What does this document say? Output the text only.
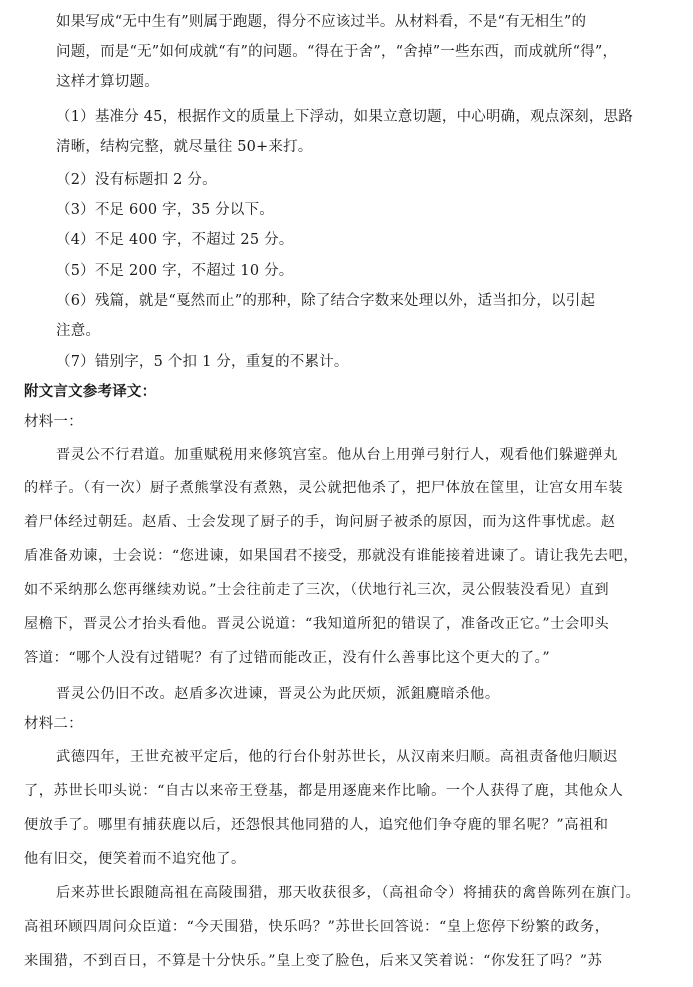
如果写成“无中生有”则属于跑题，得分不应该过半。从材料看，不是“有无相生”的
问题，而是“无”如何成就“有”的问题。“得在于舍”，“舍掉”一些东西，而成就所“得”，
这样才算切题。
（1）基准分 45，根据作文的质量上下浮动，如果立意切题，中心明确，观点深刻，思路
清晰，结构完整，就尽量往 50+来打。
（2）没有标题扣 2 分。
（3）不足 600 字，35 分以下。
（4）不足 400 字，不超过 25 分。
（5）不足 200 字，不超过 10 分。
（6）残篇，就是“戛然而止”的那种，除了结合字数来处理以外，适当扣分，以引起
注意。
（7）错别字，5 个扣 1 分，重复的不累计。
附文言文参考译文：
材料一：
晋灵公不行君道。加重赋税用来修筑宫室。他从台上用弹弓射行人，观看他们躲避弹丸
的样子。（有一次）厨子煮熊掌没有煮熟，灵公就把他杀了，把尸体放在筐里，让宫女用车装
着尸体经过朝廷。赵盾、士会发现了厨子的手，询问厨子被杀的原因，而为这件事忧虑。赵
盾准备劝谏，士会说：“您进谏，如果国君不接受，那就没有谁能接着进谏了。请让我先去吧，
如不采纳那么您再继续劝说。”士会往前走了三次，（伏地行礼三次，灵公假装没看见）直到
屋檐下，晋灵公才抬头看他。晋灵公说道：“我知道所犯的错误了，准备改正它。”士会叩头
答道：“哪个人没有过错呢？有了过错而能改正，没有什么善事比这个更大的了。”
晋灵公仍旧不改。赵盾多次进谏，晋灵公为此厌烦，派鉏麑暗杀他。
材料二：
武德四年，王世充被平定后，他的行台仆射苏世长，从汉南来归顺。高祖责备他归顺迟
了，苏世长叩头说：“自古以来帝王登基，都是用逐鹿来作比喻。一个人获得了鹿，其他众人
便放手了。哪里有捕获鹿以后，还怨恨其他同猎的人，追究他们争夺鹿的罪名呢？”高祖和
他有旧交，便笑着而不追究他了。
后来苏世长跟随高祖在高陵围猎，那天收获很多，（高祖命令）将捕获的禽兽陈列在旗门。
高祖环顾四周问众臣道：“今天围猎，快乐吗？”苏世长回答说：“皇上您停下纷繁的政务，
来围猎，不到百日，不算是十分快乐。”皇上变了脸色，后来又笑着说：“你发狂了吗？”苏
